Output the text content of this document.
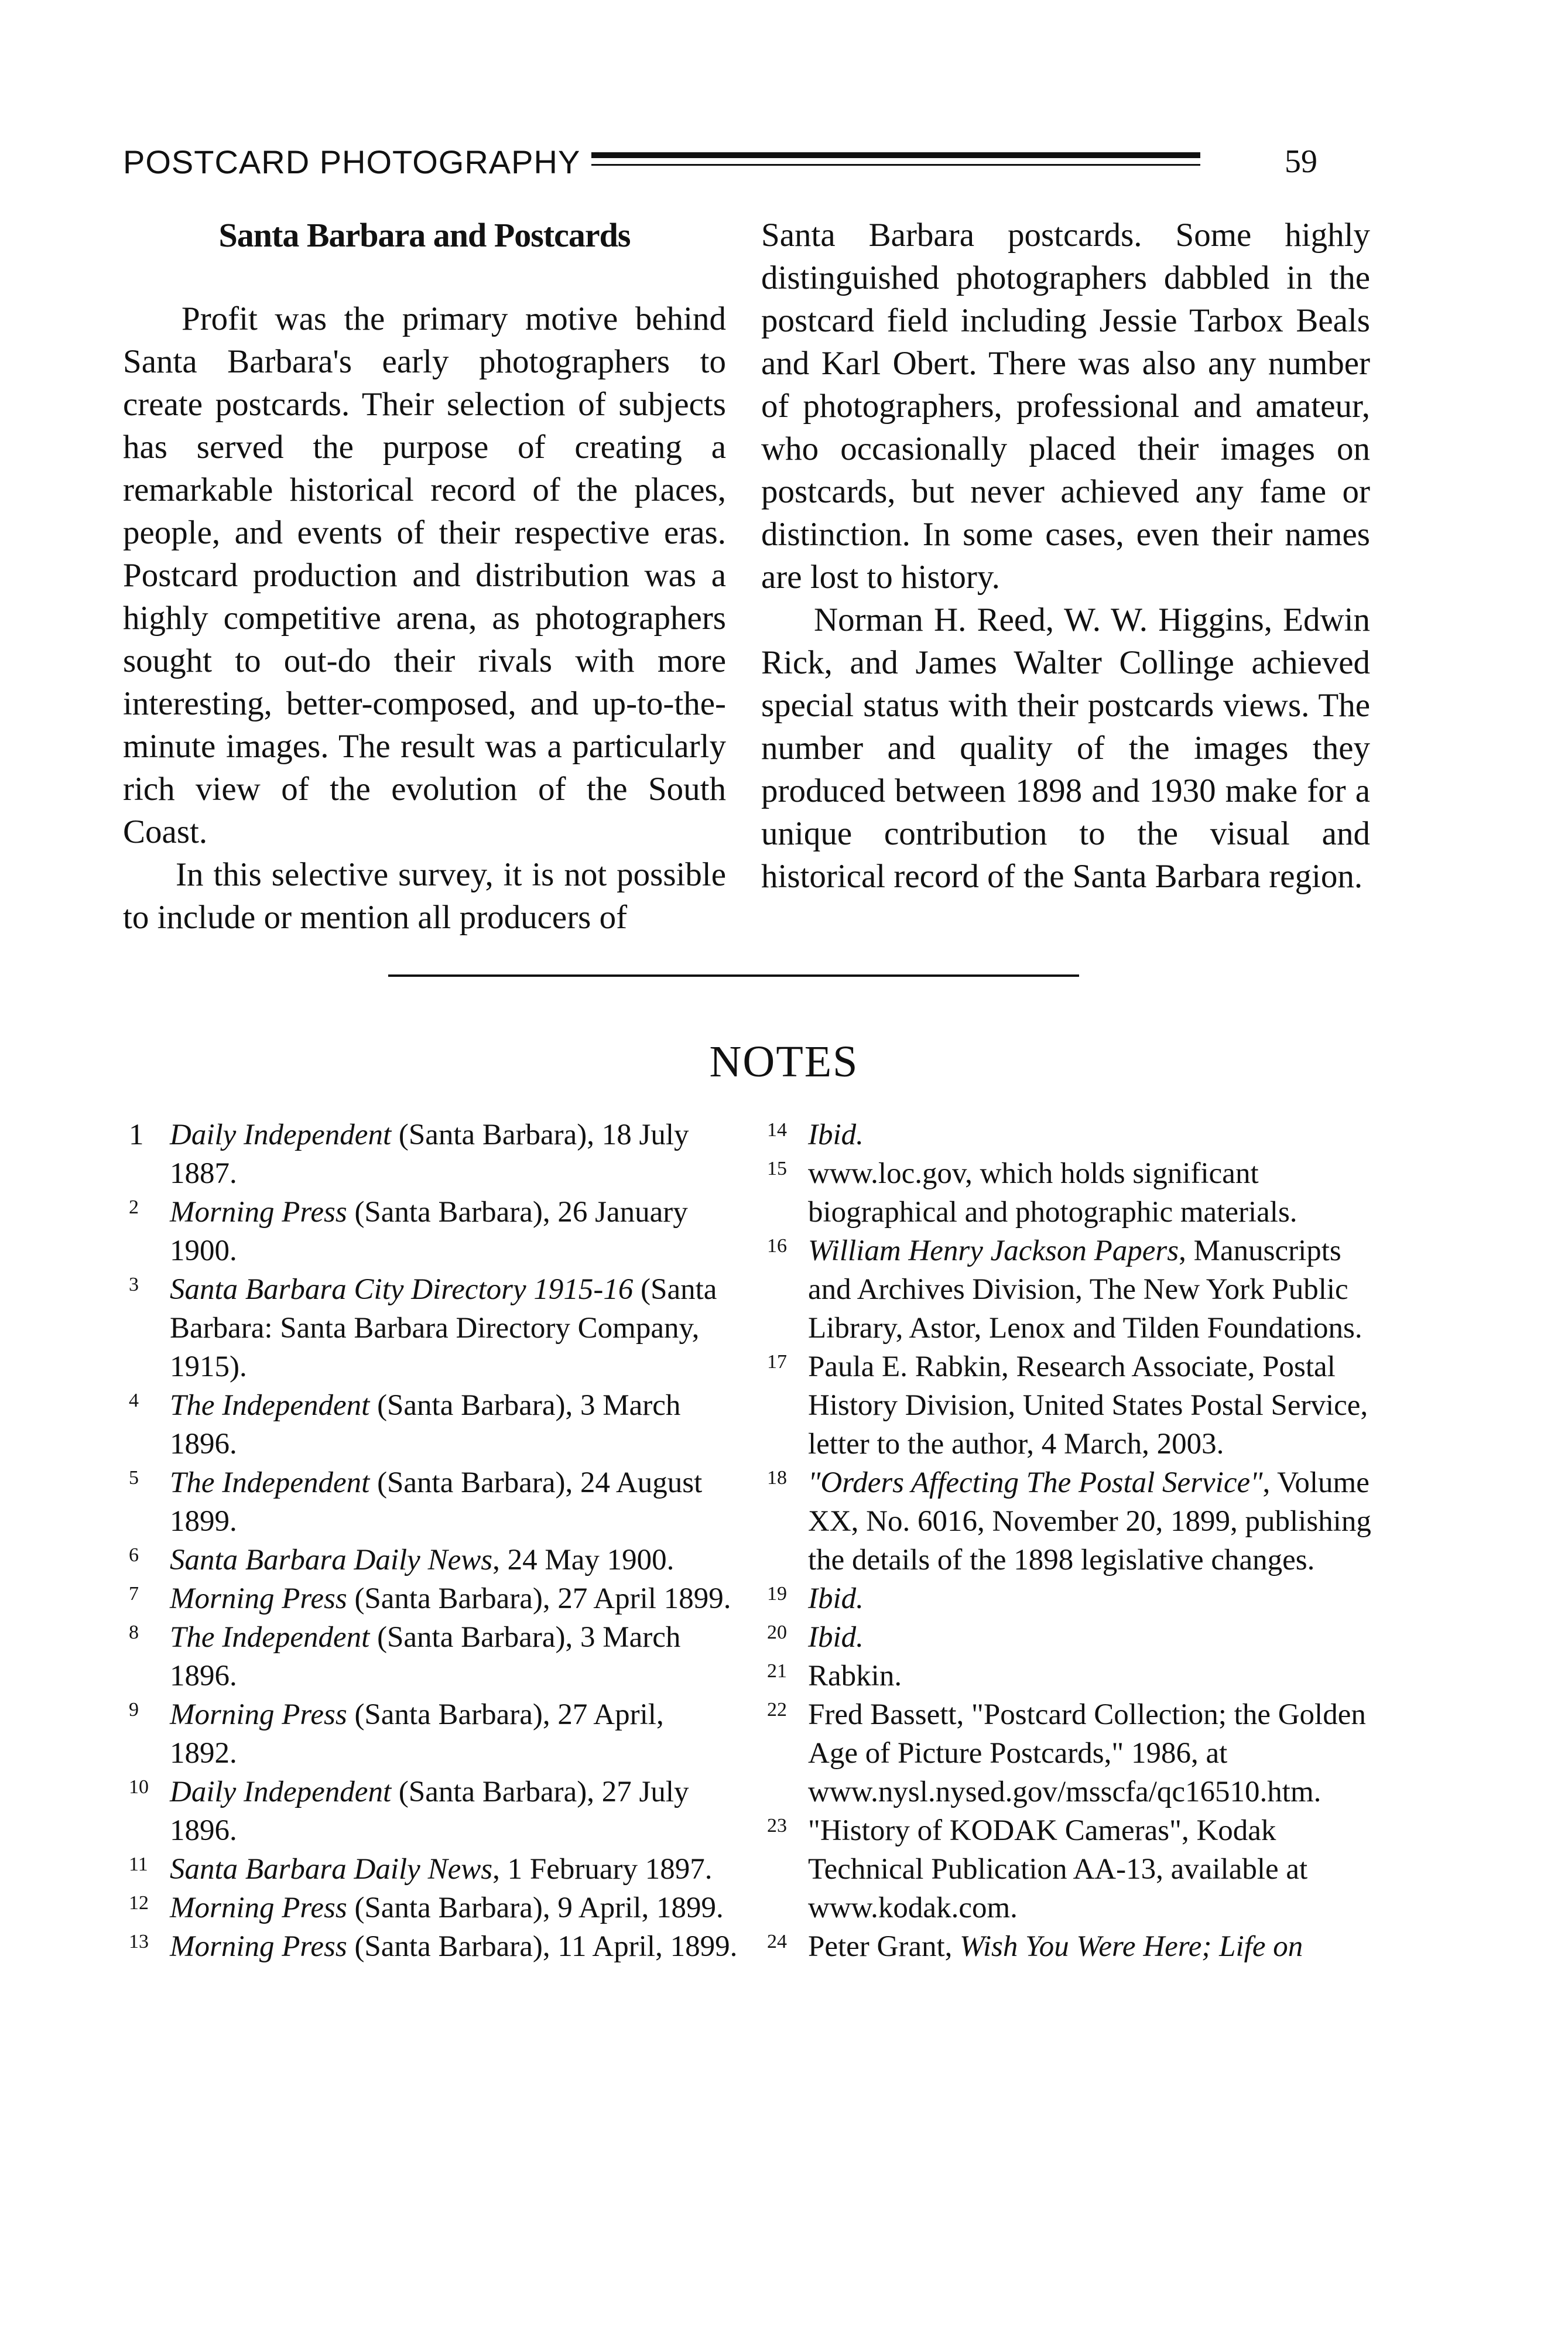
POSTCARD PHOTOGRAPHY	59
Santa Barbara and Postcards

Profit was the primary motive behind Santa Barbara's early photographers to create postcards. Their selection of subjects has served the purpose of creating a remarkable historical record of the places, people, and events of their respective eras. Postcard production and distribution was a highly competitive arena, as photographers sought to out-do their rivals with more interesting, better-composed, and up-to-the-minute images. The result was a particularly rich view of the evolution of the South Coast.

In this selective survey, it is not possible to include or mention all producers of

Santa Barbara postcards. Some highly distinguished photographers dabbled in the postcard field including Jessie Tarbox Beals and Karl Obert. There was also any number of photographers, professional and amateur, who occasionally placed their images on postcards, but never achieved any fame or distinction. In some cases, even their names are lost to history.

Norman H. Reed, W. W. Higgins, Edwin Rick, and James Walter Collinge achieved special status with their postcards views. The number and quality of the images they produced between 1898 and 1930 make for a unique contribution to the visual and historical record of the Santa Barbara region.

NOTES
1 Daily Independent (Santa Barbara), 18 July 1887.
2 Morning Press (Santa Barbara), 26 January 1900.
3 Santa Barbara City Directory 1915-16 (Santa Barbara: Santa Barbara Directory Company, 1915).
4 The Independent (Santa Barbara), 3 March 1896.
5 The Independent (Santa Barbara), 24 August 1899.
6 Santa Barbara Daily News, 24 May 1900.
7 Morning Press (Santa Barbara), 27 April 1899.
8 The Independent (Santa Barbara), 3 March 1896.
9 Morning Press (Santa Barbara), 27 April, 1892.
10 Daily Independent (Santa Barbara), 27 July 1896.
11 Santa Barbara Daily News, 1 February 1897.
12 Morning Press (Santa Barbara), 9 April, 1899.
13 Morning Press (Santa Barbara), 11 April, 1899.
14 Ibid.
15 www.loc.gov, which holds significant biographical and photographic materials.
16 William Henry Jackson Papers, Manuscripts and Archives Division, The New York Public Library, Astor, Lenox and Tilden Foundations.
17 Paula E. Rabkin, Research Associate, Postal History Division, United States Postal Service, letter to the author, 4 March, 2003.
18 "Orders Affecting The Postal Service", Volume XX, No. 6016, November 20, 1899, publishing the details of the 1898 legislative changes.
19 Ibid.
20 Ibid.
21 Rabkin.
22 Fred Bassett, "Postcard Collection; the Golden Age of Picture Postcards," 1986, at www.nysl.nysed.gov/msscfa/qc16510.htm.
23 "History of KODAK Cameras", Kodak Technical Publication AA-13, available at www.kodak.com.
24 Peter Grant, Wish You Were Here; Life on
